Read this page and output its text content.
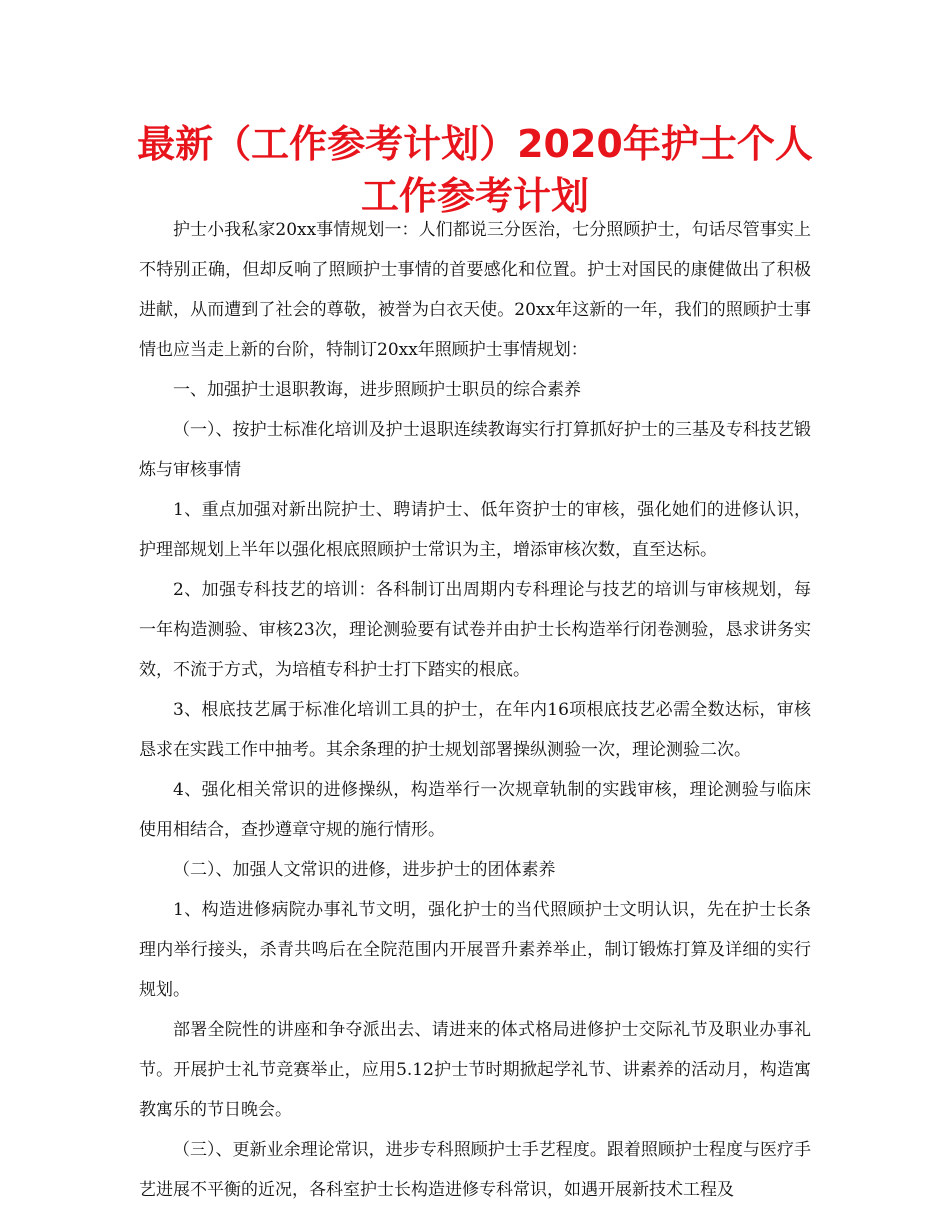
最新（工作参考计划）2020年护士个人工作参考计划

护士小我私家20xx事情规划一：人们都说三分医治，七分照顾护士，句话尽管事实上不特别正确，但却反响了照顾护士事情的首要感化和位置。护士对国民的康健做出了积极进献，从而遭到了社会的尊敬，被誉为白衣天使。20xx年这新的一年，我们的照顾护士事情也应当走上新的台阶，特制订20xx年照顾护士事情规划：

一、加强护士退职教诲，进步照顾护士职员的综合素养

（一）、按护士标准化培训及护士退职连续教诲实行打算抓好护士的三基及专科技艺锻炼与审核事情

1、重点加强对新出院护士、聘请护士、低年资护士的审核，强化她们的进修认识，护理部规划上半年以强化根底照顾护士常识为主，增添审核次数，直至达标。

2、加强专科技艺的培训：各科制订出周期内专科理论与技艺的培训与审核规划，每一年构造测验、审核23次，理论测验要有试卷并由护士长构造举行闭卷测验，恳求讲务实效，不流于方式，为培植专科护士打下踏实的根底。

3、根底技艺属于标准化培训工具的护士，在年内16项根底技艺必需全数达标，审核恳求在实践工作中抽考。其余条理的护士规划部署操纵测验一次，理论测验二次。

4、强化相关常识的进修操纵，构造举行一次规章轨制的实践审核，理论测验与临床使用相结合，查抄遵章守规的施行情形。

（二）、加强人文常识的进修，进步护士的团体素养

1、构造进修病院办事礼节文明，强化护士的当代照顾护士文明认识，先在护士长条理内举行接头，杀青共鸣后在全院范围内开展晋升素养举止，制订锻炼打算及详细的实行规划。

部署全院性的讲座和争夺派出去、请进来的体式格局进修护士交际礼节及职业办事礼节。开展护士礼节竞赛举止，应用5.12护士节时期掀起学礼节、讲素养的活动月，构造寓教寓乐的节日晚会。

（三）、更新业余理论常识，进步专科照顾护士手艺程度。跟着照顾护士程度与医疗手艺进展不平衡的近况，各科室护士长构造进修专科常识，如遇开展新技术工程及
